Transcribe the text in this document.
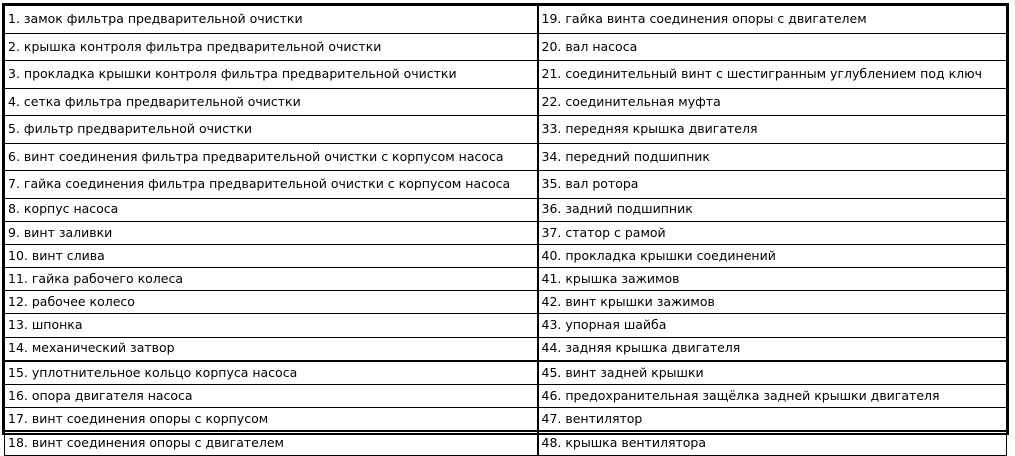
1. замок фильтра предварительной очистки	19. гайка винта соединения опоры с двигателем
2. крышка контроля фильтра предварительной очистки	20. вал насоса
3. прокладка крышки контроля фильтра предварительной очистки	21. соединительный винт с шестигранным углублением под ключ
4. сетка фильтра предварительной очистки	22. соединительная муфта
5. фильтр предварительной очистки	33. передняя крышка двигателя
6. винт соединения фильтра предварительной очистки с корпусом насоса	34. передний подшипник
7. гайка соединения фильтра предварительной очистки с корпусом насоса	35. вал ротора
8. корпус насоса	36. задний подшипник
9. винт заливки	37. статор с рамой
10. винт слива	40. прокладка крышки соединений
11. гайка рабочего колеса	41. крышка зажимов
12. рабочее колесо	42. винт крышки зажимов
13. шпонка	43. упорная шайба
14. механический затвор	44. задняя крышка двигателя
15. уплотнительное кольцо корпуса насоса	45. винт задней крышки
16. опора двигателя насоса	46. предохранительная защёлка задней крышки двигателя
17. винт соединения опоры с корпусом	47. вентилятор
18. винт соединения опоры с двигателем	48. крышка вентилятора
